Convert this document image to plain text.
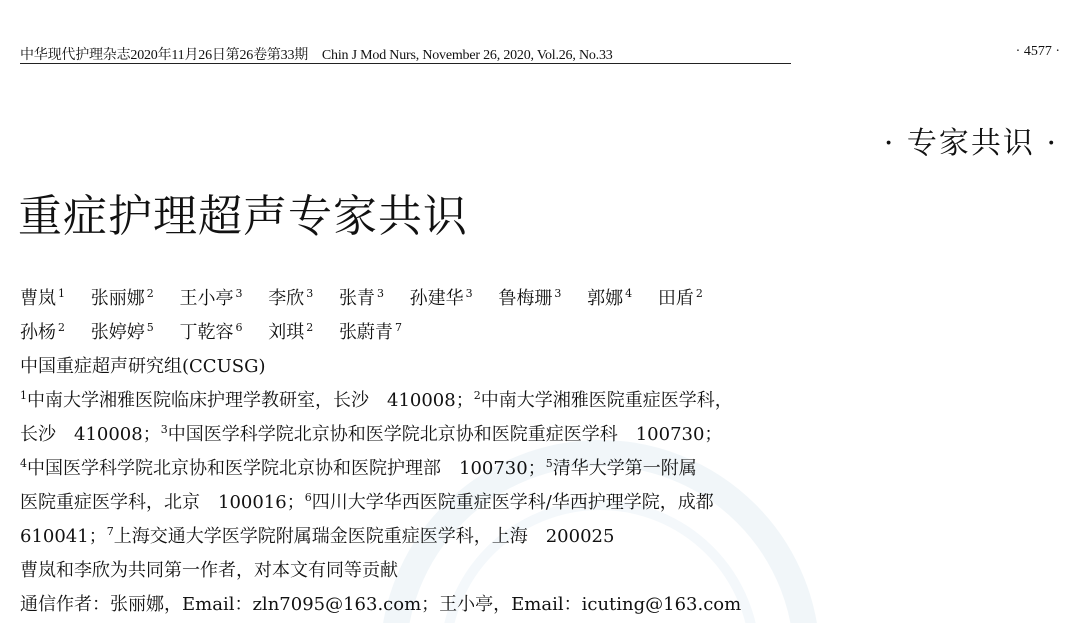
中华现代护理杂志2020年11月26日第26卷第33期　Chin J Mod Nurs, November 26, 2020, Vol.26, No.33	· 4577 ·
· 专家共识 ·
重症护理超声专家共识
曹岚 $^1$ 张丽娜 $^2$ 王小亭 $^3$ 李欣 $^3$ 张青 $^3$ 孙建华 $^3$ 鲁梅珊 $^3$ 郭娜 $^4$ 田盾 $^2$
孙杨 $^2$ 张婷婷 $^5$ 丁乾容 $^6$ 刘琪 $^2$ 张蔚青 $^7$
中国重症超声研究组(CCUSG)
$^1$中南大学湘雅医院临床护理学教研室，长沙　410008；$^2$中南大学湘雅医院重症医学科，
长沙　410008；$^3$中国医学科学院北京协和医学院北京协和医院重症医学科　100730；
$^4$中国医学科学院北京协和医学院北京协和医院护理部　100730；$^5$清华大学第一附属
医院重症医学科，北京　100016；$^6$四川大学华西医院重症医学科/华西护理学院，成都
610041；$^7$上海交通大学医学院附属瑞金医院重症医学科，上海　200025
曹岚和李欣为共同第一作者，对本文有同等贡献
通信作者：张丽娜，Email：zln7095@163.com；王小亭，Email：icuting@163.com
